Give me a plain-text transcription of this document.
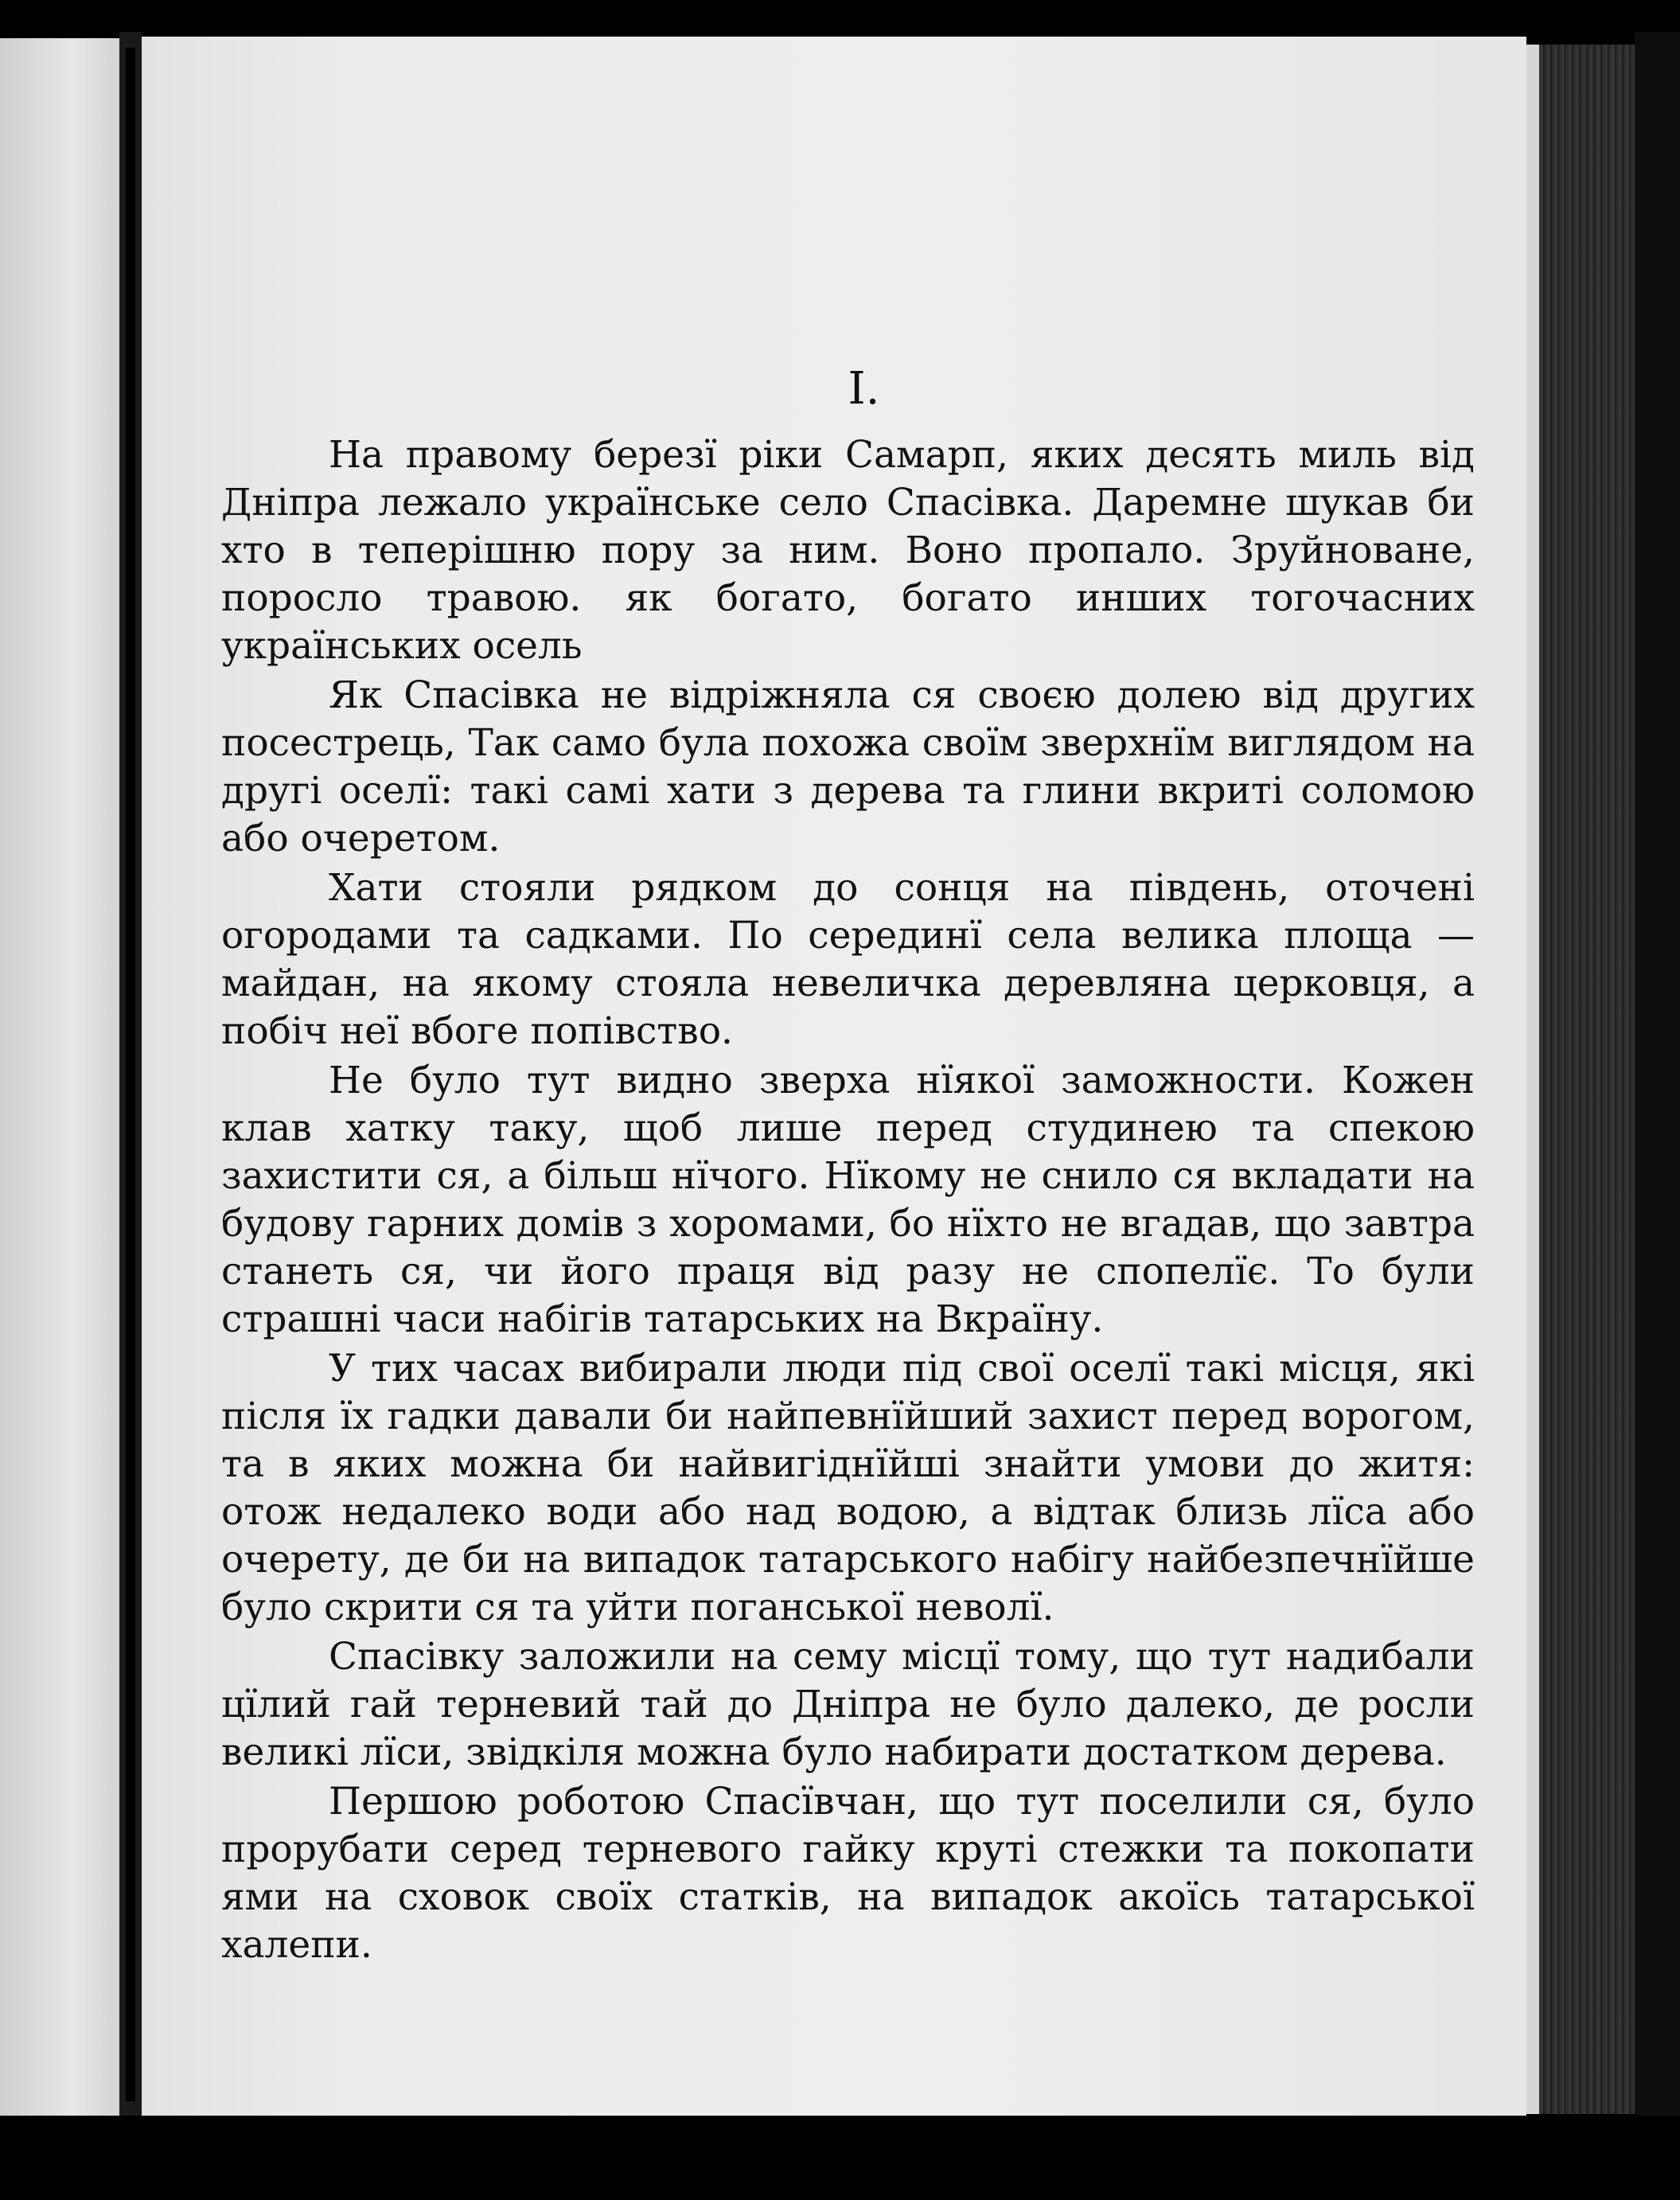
I.

На правому березї ріки Самарп, яких десять миль від Дніпра лежало українське село Спасівка. Даремне шукав би хто в теперішню пору за ним. Воно пропало. Зруйноване, поросло травою. як богато, богато инших тогочасних українських осель

Як Спасівка не відріжняла ся своєю долею від других посестрець, Так само була похожа своїм зверхнїм виглядом на другі оселї: такі самі хати з дерева та глини вкриті соломою або очеретом.

Хати стояли рядком до сонця на південь, оточені огородами та садками. По серединї села велика площа — майдан, на якому стояла невеличка деревляна церковця, а побіч неї вбоге попівство.

Не було тут видно зверха нїякої заможности. Кожен клав хатку таку, щоб лише перед студинею та спекою захистити ся, а більш нїчого. Нїкому не снило ся вкладати на будову гарних домів з хоромами, бо нїхто не вгадав, що завтра станеть ся, чи його праця від разу не спопелїє. То були страшні часи набігів татарських на Вкраїну.

У тих часах вибирали люди під свої оселї такі місця, які після їх гадки давали би найпевнїйший захист перед ворогом, та в яких можна би найвигіднїйші знайти умови до житя: отож недалеко води або над водою, а відтак близь лїса або очерету, де би на випадок татарського набігу найбезпечнїйше було скрити ся та уйти поганської неволї.

Спасівку заложили на сему місцї тому, що тут надибали цїлий гай терневий тай до Дніпра не було далеко, де росли великі лїси, звідкіля можна було набирати достатком дерева.

Першою роботою Спасївчан, що тут поселили ся, було прорубати серед терневого гайку круті стежки та покопати ями на сховок своїх статків, на випадок акоїсь татарської халепи.
